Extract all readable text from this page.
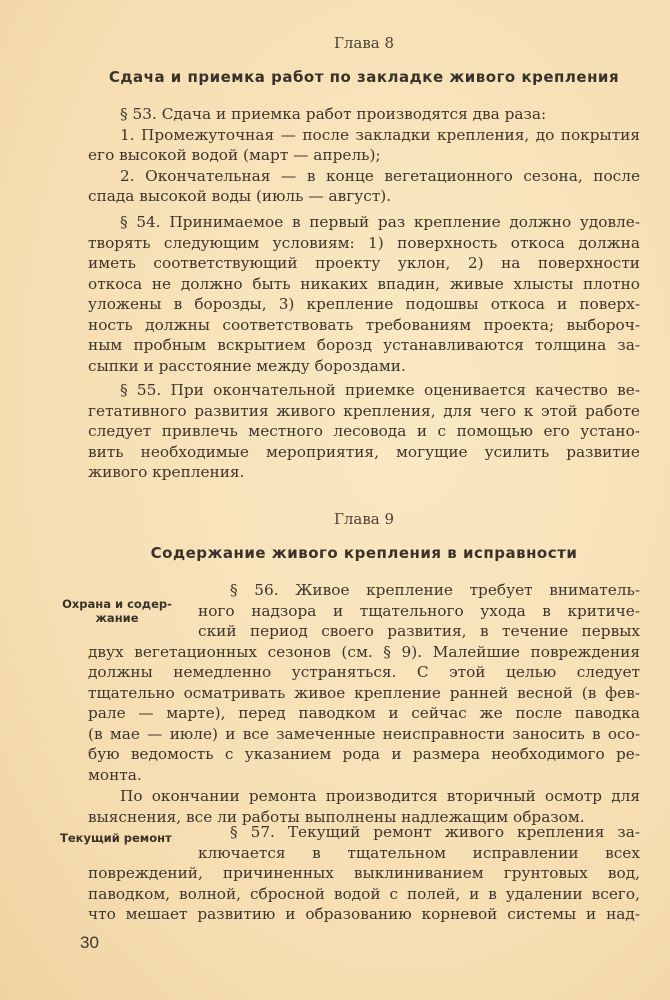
Глава 8
Сдача и приемка работ по закладке живого крепления
§ 53. Сдача и приемка работ производятся два раза:
1. Промежуточная — после закладки крепления, до покрытия
его высокой водой (март — апрель);
2. Окончательная — в конце вегетационного сезона, после
спада высокой воды (июль — август).
§ 54. Принимаемое в первый раз крепление должно удовле-
творять следующим условиям: 1) поверхность откоса должна
иметь соответствующий проекту уклон, 2) на поверхности
откоса не должно быть никаких впадин, живые хлысты плотно
уложены в борозды, 3) крепление подошвы откоса и поверх-
ность должны соответствовать требованиям проекта; выбороч-
ным пробным вскрытием борозд устанавливаются толщина за-
сыпки и расстояние между бороздами.
§ 55. При окончательной приемке оценивается качество ве-
гетативного развития живого крепления, для чего к этой работе
следует привлечь местного лесовода и с помощью его устано-
вить необходимые мероприятия, могущие усилить развитие
живого крепления.
Глава 9
Содержание живого крепления в исправности
Охрана и содер-
жание
§ 56. Живое крепление требует вниматель-
ного надзора и тщательного ухода в критиче-
ский период своего развития, в течение первых
двух вегетационных сезонов (см. § 9). Малейшие повреждения
должны немедленно устраняться. С этой целью следует
тщательно осматривать живое крепление ранней весной (в фев-
рале — марте), перед паводком и сейчас же после паводка
(в мае — июле) и все замеченные неисправности заносить в осо-
бую ведомость с указанием рода и размера необходимого ре-
монта.
По окончании ремонта производится вторичный осмотр для
выяснения, все ли работы выполнены надлежащим образом.
Текущий ремонт	§ 57. Текущий ремонт живого крепления за-
ключается в тщательном исправлении всех
повреждений, причиненных выклиниванием грунтовых вод,
паводком, волной, сбросной водой с полей, и в удалении всего,
что мешает развитию и образованию корневой системы и над-
30
